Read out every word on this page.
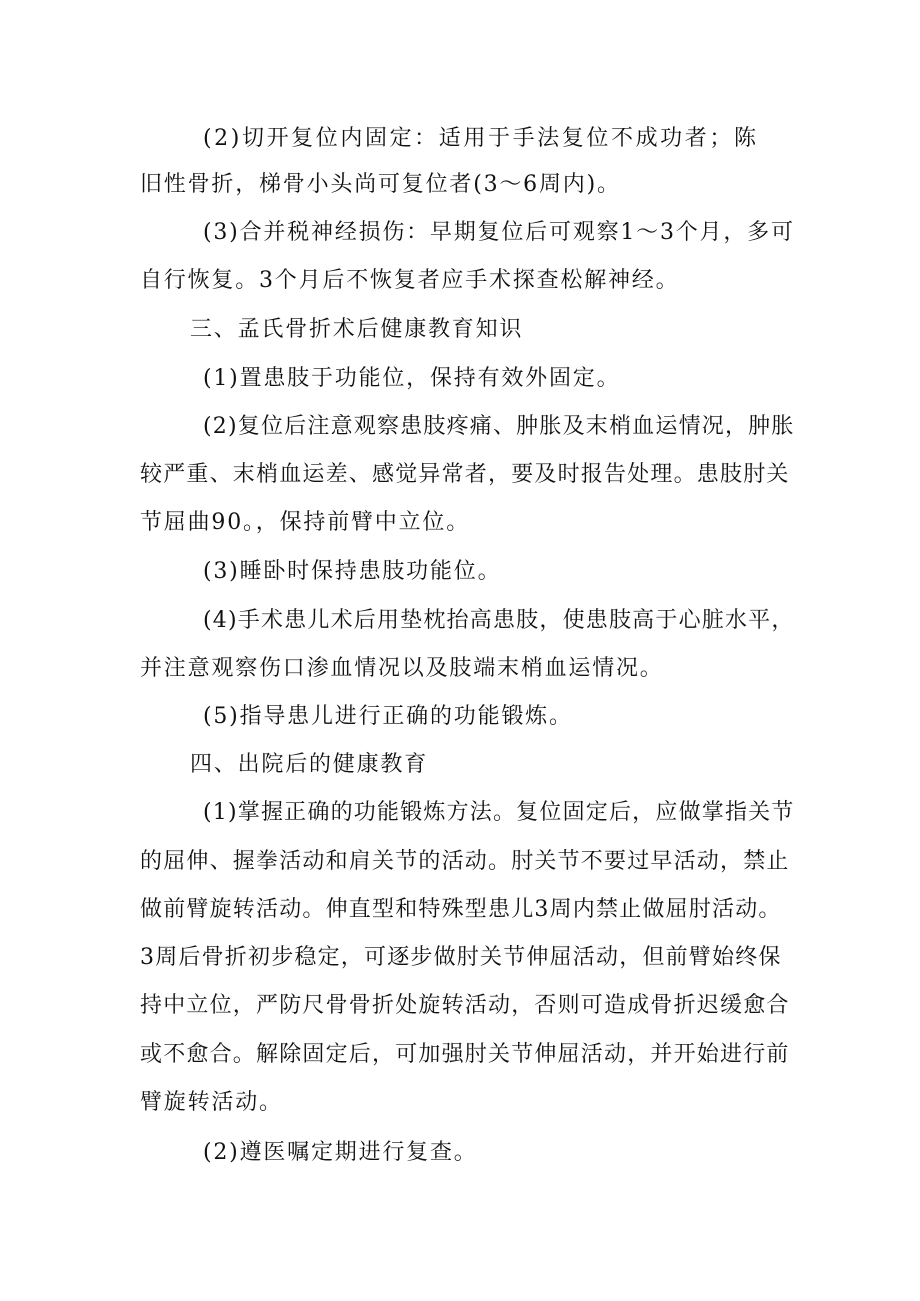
(2)切开复位内固定：适用于手法复位不成功者；陈
旧性骨折，梯骨小头尚可复位者(3～6周内)。
(3)合并税神经损伤：早期复位后可观察1～3个月，多可
自行恢复。3个月后不恢复者应手术探查松解神经。
三、孟氏骨折术后健康教育知识
(1)置患肢于功能位，保持有效外固定。
(2)复位后注意观察患肢疼痛、肿胀及末梢血运情况，肿胀
较严重、末梢血运差、感觉异常者，要及时报告处理。患肢肘关
节屈曲90。，保持前臂中立位。
(3)睡卧时保持患肢功能位。
(4)手术患儿术后用垫枕抬高患肢，使患肢高于心脏水平，
并注意观察伤口渗血情况以及肢端末梢血运情况。
(5)指导患儿进行正确的功能锻炼。
四、出院后的健康教育
(1)掌握正确的功能锻炼方法。复位固定后，应做掌指关节
的屈伸、握拳活动和肩关节的活动。肘关节不要过早活动，禁止
做前臂旋转活动。伸直型和特殊型患儿3周内禁止做屈肘活动。
3周后骨折初步稳定，可逐步做肘关节伸屈活动，但前臂始终保
持中立位，严防尺骨骨折处旋转活动，否则可造成骨折迟缓愈合
或不愈合。解除固定后，可加强肘关节伸屈活动，并开始进行前
臂旋转活动。
(2)遵医嘱定期进行复查。
